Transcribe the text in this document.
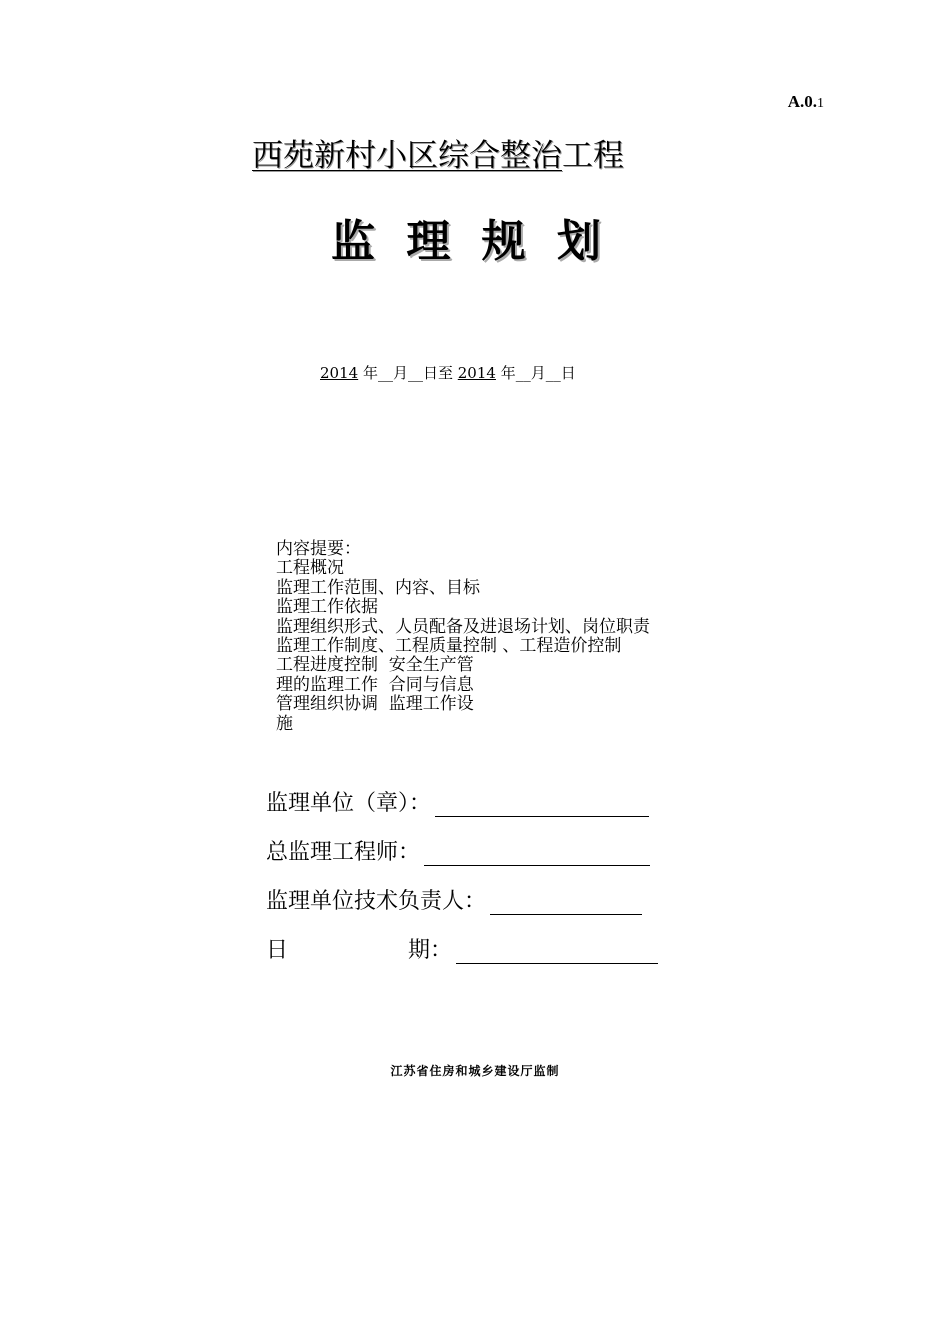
A.0.1
西苑新村小区综合整治工程
监 理 规 划
2014 年__月__日至 2014 年__月__日
内容提要：
工程概况
监理工作范围、内容、目标
监理工作依据
监理组织形式、人员配备及进退场计划、岗位职责
监理工作制度、工程质量控制 、工程造价控制
工程进度控制  安全生产管
理的监理工作  合同与信息
管理组织协调  监理工作设
施
监理单位（章）：
总监理工程师：
监理单位技术负责人：
日	期：
江苏省住房和城乡建设厅监制
